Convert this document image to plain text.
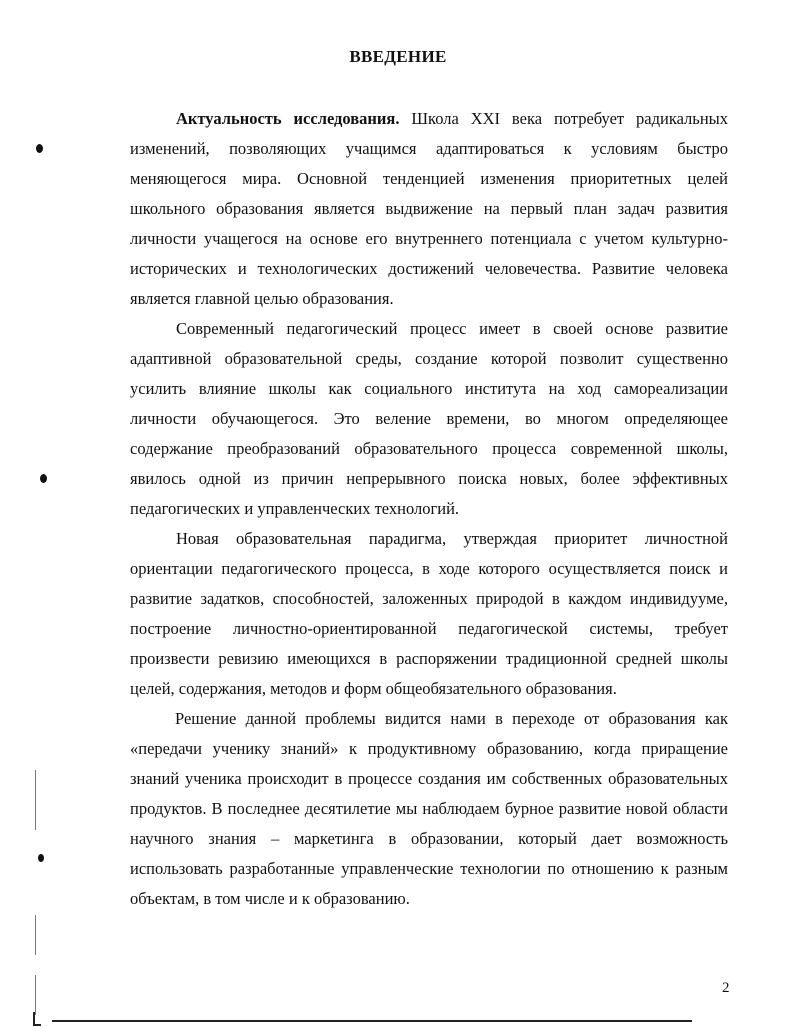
ВВЕДЕНИЕ

Актуальность исследования. Школа XXI века потребует радикальных изменений, позволяющих учащимся адаптироваться к условиям быстро меняющегося мира. Основной тенденцией изменения приоритетных целей школьного образования является выдвижение на первый план задач развития личности учащегося на основе его внутреннего потенциала с учетом культурно-исторических и технологических достижений человечества. Развитие человека является главной целью образования.

Современный педагогический процесс имеет в своей основе развитие адаптивной образовательной среды, создание которой позволит существенно усилить влияние школы как социального института на ход самореализации личности обучающегося. Это веление времени, во многом определяющее содержание преобразований образовательного процесса современной школы, явилось одной из причин непрерывного поиска новых, более эффективных педагогических и управленческих технологий.

Новая образовательная парадигма, утверждая приоритет личностной ориентации педагогического процесса, в ходе которого осуществляется поиск и развитие задатков, способностей, заложенных природой в каждом индивидууме, построение личностно-ориентированной педагогической системы, требует произвести ревизию имеющихся в распоряжении традиционной средней школы целей, содержания, методов и форм общеобязательного образования.

Решение данной проблемы видится нами в переходе от образования как «передачи ученику знаний» к продуктивному образованию, когда приращение знаний ученика происходит в процессе создания им собственных образовательных продуктов. В последнее десятилетие мы наблюдаем бурное развитие новой области научного знания – маркетинга в образовании, который дает возможность использовать разработанные управленческие технологии по отношению к разным объектам, в том числе и к образованию.

2
